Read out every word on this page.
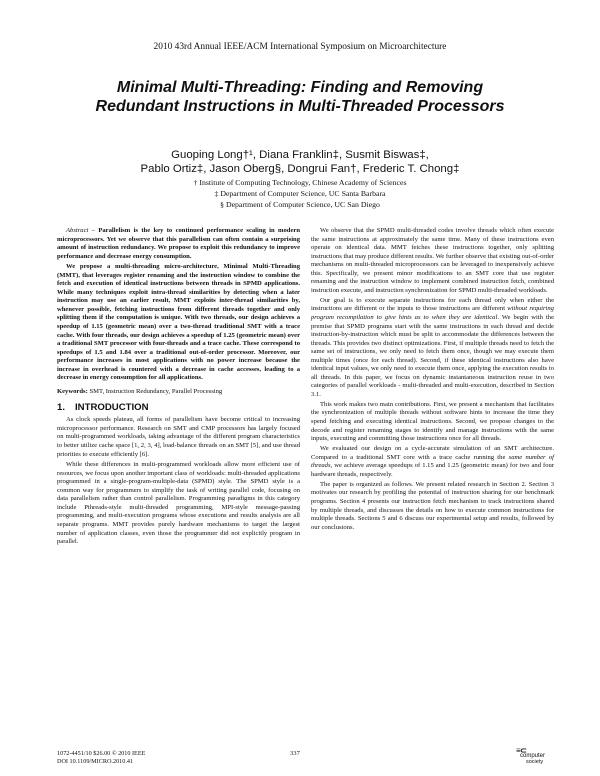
2010 43rd Annual IEEE/ACM International Symposium on Microarchitecture
Minimal Multi-Threading: Finding and Removing
Redundant Instructions in Multi-Threaded Processors
Guoping Long†¹, Diana Franklin‡, Susmit Biswas‡,
Pablo Ortiz‡, Jason Oberg§, Dongrui Fan†, Frederic T. Chong‡
† Institute of Computing Technology, Chinese Academy of Sciences
‡ Department of Computer Science, UC Santa Barbara
§ Department of Computer Science, UC San Diego

Abstract – Parallelism is the key to continued performance scaling in modern microprocessors. Yet we observe that this parallelism can often contain a surprising amount of instruction redundancy. We propose to exploit this redundancy to improve performance and decrease energy consumption.

We propose a multi-threading micro-architecture, Minimal Multi-Threading (MMT), that leverages register renaming and the instruction window to combine the fetch and execution of identical instructions between threads in SPMD applications. While many techniques exploit intra-thread similarities by detecting when a later instruction may use an earlier result, MMT exploits inter-thread similarities by, whenever possible, fetching instructions from different threads together and only splitting them if the computation is unique. With two threads, our design achieves a speedup of 1.15 (geometric mean) over a two-thread traditional SMT with a trace cache. With four threads, our design achieves a speedup of 1.25 (geometric mean) over a traditional SMT processor with four-threads and a trace cache. These correspond to speedups of 1.5 and 1.84 over a traditional out-of-order processor. Moreover, our performance increases in most applications with no power increase because the increase in overhead is countered with a decrease in cache accesses, leading to a decrease in energy consumption for all applications.

Keywords: SMT, Instruction Redundancy, Parallel Processing

1. INTRODUCTION

As clock speeds plateau, all forms of parallelism have become critical to increasing microprocessor performance. Research on SMT and CMP processors has largely focused on multi-programmed workloads, taking advantage of the different program characteristics to better utilize cache space [1, 2, 3, 4], load-balance threads on an SMT [5], and use thread priorities to execute efficiently [6].

While these differences in multi-programmed workloads allow more efficient use of resources, we focus upon another important class of workloads: multi-threaded applications programmed in a single-program-multiple-data (SPMD) style. The SPMD style is a common way for programmers to simplify the task of writing parallel code, focusing on data parallelism rather than control parallelism. Programming paradigms in this category include Pthreads-style multi-threaded programming, MPI-style message-passing programming, and multi-execution programs whose executions and results analysis are all separate programs. MMT provides purely hardware mechanisms to target the largest number of application classes, even those the programmer did not explicitly program in parallel.

We observe that the SPMD multi-threaded codes involve threads which often execute the same instructions at approximately the same time. Many of these instructions even operate on identical data. MMT fetches these instructions together, only splitting instructions that may produce different results. We further observe that existing out-of-order mechanisms on multi-threaded microprocessors can be leveraged to inexpensively achieve this. Specifically, we present minor modifications to an SMT core that use register renaming and the instruction window to implement combined instruction fetch, combined instruction execute, and instruction synchronization for SPMD multi-threaded workloads.

Our goal is to execute separate instructions for each thread only when either the instructions are different or the inputs to those instructions are different without requiring program recompilation to give hints as to when they are identical. We begin with the premise that SPMD programs start with the same instructions in each thread and decide instruction-by-instruction which must be split to accommodate the differences between the threads. This provides two distinct optimizations. First, if multiple threads need to fetch the same set of instructions, we only need to fetch them once, though we may execute them multiple times (once for each thread). Second, if these identical instructions also have identical input values, we only need to execute them once, applying the execution results to all threads. In this paper, we focus on dynamic instantaneous instruction reuse in two categories of parallel workloads - multi-threaded and multi-execution, described in Section 3.1.

This work makes two main contributions. First, we present a mechanism that facilitates the synchronization of multiple threads without software hints to increase the time they spend fetching and executing identical instructions. Second, we propose changes to the decode and register renaming stages to identify and manage instructions with the same inputs, executing and committing those instructions once for all threads.

We evaluated our design on a cycle-accurate simulation of an SMT architecture. Compared to a traditional SMT core with a trace cache running the same number of threads, we achieve average speedups of 1.15 and 1.25 (geometric mean) for two and four hardware threads, respectively.

The paper is organized as follows. We present related research in Section 2. Section 3 motivates our research by profiling the potential of instruction sharing for our benchmark programs. Section 4 presents our instruction fetch mechanism to track instructions shared by multiple threads, and discusses the details on how to execute common instructions for multiple threads. Sections 5 and 6 discuss our experimental setup and results, followed by our conclusions.

1072-4451/10 $26.00 © 2010 IEEE
DOI 10.1109/MICRO.2010.41
337	≡⊂
computer
society
